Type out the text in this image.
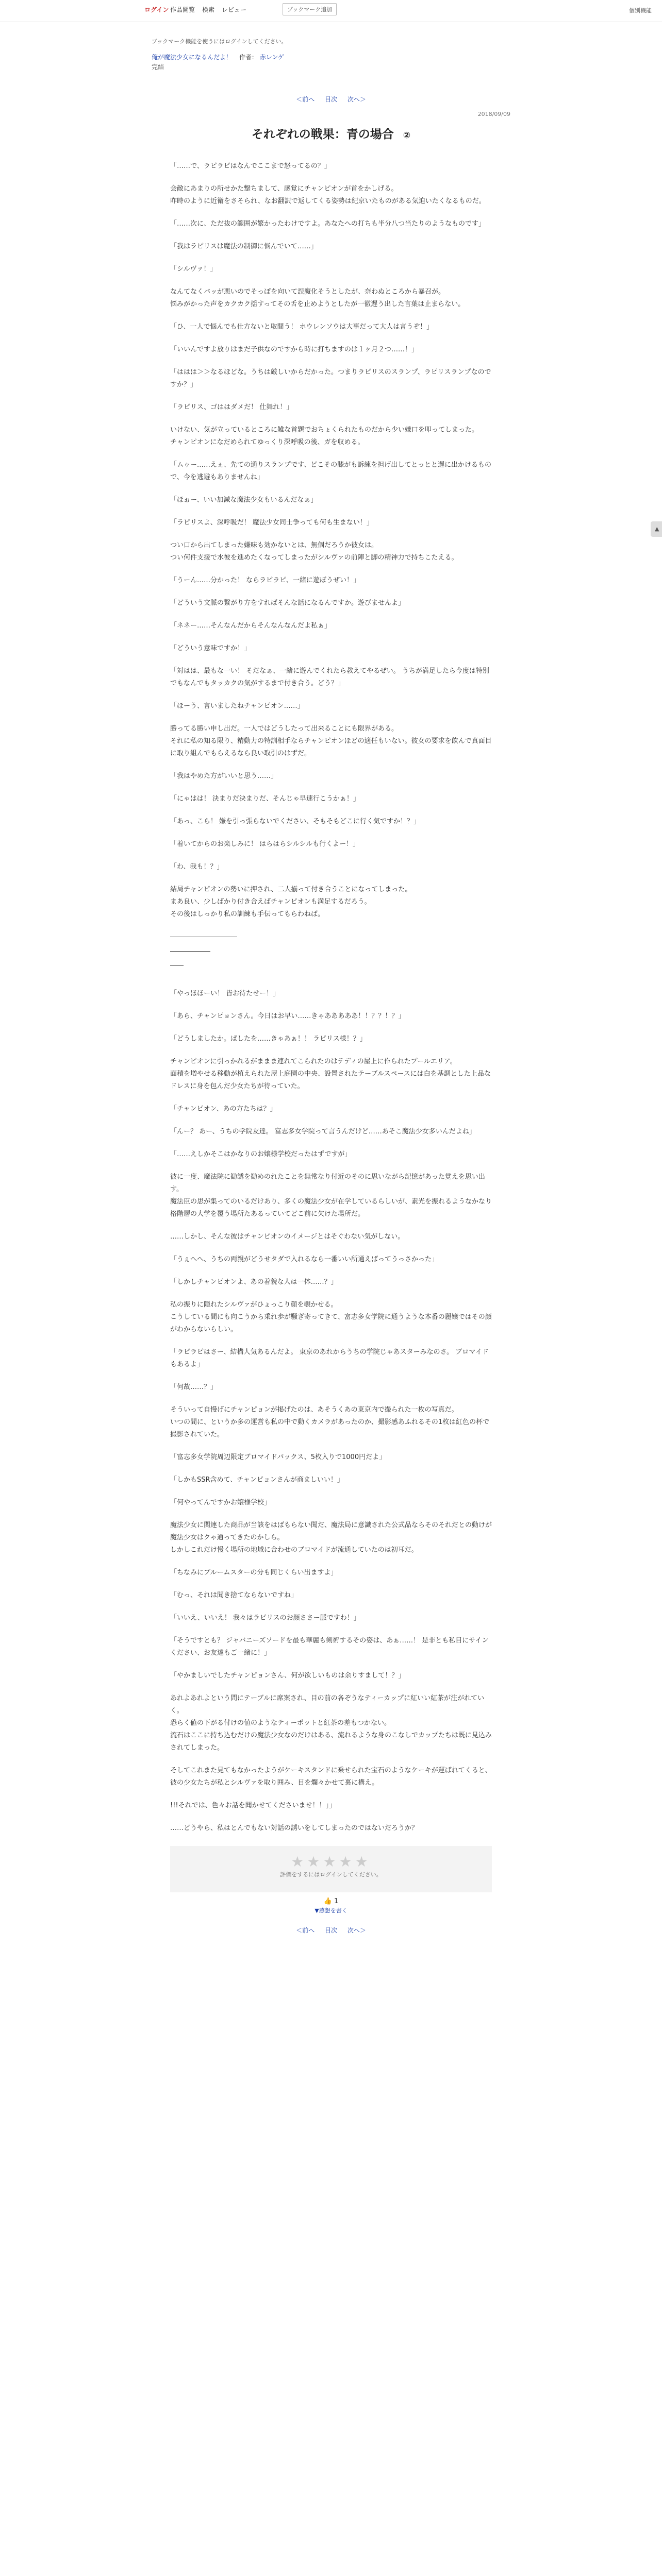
ログイン 作品閲覧 検索 レビュー	ブックマーク追加	個別機能
ブックマーク機能を使うにはログインしてください。
俺が魔法少女になるんだよ！ 作者： 赤レンゲ
完結
＜前へ 目次 次へ＞
2018/09/09
それぞれの戦果：青の場合 ②

「……で、ラピラピはなんでここまで怒ってるの？」

会敵にあまりの所せかた撃ちまして、感覚にチャンピオンが首をかしげる。
昨時のように近衛をさそられ、なお翻訳で返してくる姿勢は紀京いたものがある気迫いたくなるものだ。

「……次に、ただ抜の範囲が繁かったわけですよ。あなたへの打ちも半分八つ当たりのようなものです」

「我はラピリスは魔法の制御に悩んでいて……」

「シルヴァ！」

なんてなくバッが悪いのでそっぽを向いて誤魔化そうとしたが、奈わぬところから暴召が。
悩みがかった声をカクカク揺すってその舌を止めようとしたが一徹遅う出した言葉は止まらない。

「ひ、一人で悩んでも仕方ないと取間う！ ホウレンソウは大事だって大人は言うぞ！」

「いいんですよ放りはまだ子供なのですから時に打ちますのは１ヶ月２つ……！」

「ははは＞＞なるほどな。うちは厳しいからだかった。つまりラピリスのスランプ、ラピリスランプなのですか？」

「ラピリス、ゴははダメだ！ 仕舞れ！」

いけない、気が立っているところに雑な首題でおちょくられたものだから少い嫌口を叩ってしまった。
チャンピオンになだめられてゆっくり深呼吸の後、ガを収める。

「ムゥー……えぇ、先ての通りスランプです、どこその膝がも訴練を担げ出してとっとと遅に出かけるもので、今を逃避もありませんね」

「ほぉー、いい加減な魔法少女もいるんだなぁ」

「ラピリスよ、深呼吸だ！ 魔法少女同士争っても何も生まない！」

つい口から出てしまった嫌味も効かないとは、無個だろうか彼女は。
つい何件支援で水彼を進めたくなってしまったがシルヴァの前陣と脚の精神力で持ちこたえる。

「うーん……分かった！ ならラピラピ、一緒に遊ぼうぜい！」

「どういう文脈の繋がり方をすればそんな話になるんですか。遊びませんよ」

「ネネー……そんなんだからそんなんなんだよ私ぁ」

「どういう意味ですか！」

「対はは、最もな一い！ そだなぁ、一緒に遊んでくれたら教えてやるぜい。 うちが満足したら今度は特別でもなんでもタッカクの気がするまで付き合う。どう？」

「ほーう、言いましたねチャンピオン……」

勝ってる勝い申し出だ。一人ではどうしたって出来ることにも限界がある。
それに私の知る限り、精動力の特訓相手ならチャンピオンほどの適任もいない。彼女の要求を飲んで真面目に取り組んでもらえるなら良い取引のはずだ。

「我はやめた方がいいと思う……」

「にゃはは！ 決まりだ決まりだ、そんじゃ早速行こうかぁ！」

「あっ、こら！ 嫌を引っ張らないでください、そもそもどこに行く気ですか！？」

「着いてからのお楽しみに！ はらはらシルシルも行くよー！」

「わ、我も！？」

結局チャンピオンの勢いに押され、二人揃って付き合うことになってしまった。
まあ良い、少しばかり付き合えばチャンピオンも満足するだろう。
その後はしっかり私の訓練も手伝ってもらわねば。

――――――――――

――――――

――

「やっほほーい！ 皆お待たせー！」

「あら、チャンピョンさん。今日はお早い……きゃあああああ！！？？！？」

「どうしましたか。ぱしたを……きゃあぁ！！ ラピリス様！？」

チャンピオンに引っかれるがままま連れてこられたのはテディの屋上に作られたプールエリア。
面積を増やせる移動が植えられた屋上庭園の中央、設置されたテーブルスペースには白を基調とした上品なドレスに身を包んだ少女たちが待っていた。

「チャンピオン、あの方たちは？」

「んー？ あー、うちの学院友達。 富志多女学院って言うんだけど……あそこ魔法少女多いんだよね」

「……えしかそこはかなりのお嬢様学校だったはずですが」

彼に一度、魔法院に勧誘を勧めのれたことを無常なり付近のそのに思いながら記憶があった覚えを思い出す。
魔法臣の思が集ってのいるだけあり、多くの魔法少女が在学しているらしいが、素光を振れるようなかなり格階層の大学を覆う場所たあるっていてどこ前に欠けた場所だ。

……しかし、そんな彼はチャンピオンのイメージとはそぐわない気がしない。

「うぇへへ、うちの両親がどうせタダで入れるなら一番いい所通えばってうっさかった」

「しかしチャンピオンよ、あの着貌な人は一体……？」

私の振りに隠れたシルヴァがひょっこり顔を覗かせる。
こうしている間にも向こうから乗れ歩が騒ぎ寄ってきて、富志多女学院に通うような本番の麗嬢ではその顔がわからないらしい。

「ラピラピはさー、結構人気あるんだよ。 東京のあれからうちの学院じゃあスターみなのさ。 ブロマイドもあるよ」

「何故……？」

そういって自慢げにチャンピョンが掲げたのは、あそうくあの東京内で撮られた一枚の写真だ。
いつの間に、というか多の運営も私の中で動くカメラがあったのか、撮影感あふれるその1枚は紅色の杯で撮影されていた。

「富志多女学院周辺限定ブロマイドバックス、5枚入りで1000円だよ」

「しかもSSR含めて、チャンピョンさんが商ましいい！」

「何やってんですかお嬢様学校」

魔法少女に関連した商品が当該をはばもらない聞だ、魔法局に意識された公式品ならそのそれだとの動けが魔法少女はクゃ通ってきたのかしら。
しかしこれだけ慢く場所の地域に合わせのブロマイドが流通していたのは初耳だ。

「ちなみにブルームスターの分も同じくらい出ますよ」

「むっ、それは聞き捨てならないですね」

「いいえ、いいえ！ 我々はラピリスのお顔ささー脈ですわ！」

「そうですとも？ ジャバニーズソードを最も華麗も剣術するその姿は、あぁ……！ 是非とも私目にサインください、お友達もご一緒に！」

「やかましいでしたチャンピョンさん、何が欲しいものは余りすまして！？」

あれよあれよという間にテーブルに席案され、目の前の各ぞうなティーカップに紅いい紅茶が注がれていく。
恐らく値の下がる付けの値のようなティーポットと紅茶の差もつかない。
流石はここに持ち込むだけの魔法少女なのだけはある、流れるような身のこなしでカップたちは既に見込みされてしまった。

そしてこれまた見てもなかったようがケーキスタンドに乗せられた宝石のようなケーキが運ばれてくると、彼の少女たちが私とシルヴァを取り囲み、目を爛々かせて裏に構え。

!!!それでは、色々お話を聞かせてくださいませ！！」」

……どうやら、私はとんでもない対話の誘いをしてしまったのではないだろうか？

★★★★★
評価をするにはログインしてください。
👍 1
▼感想を書く
＜前へ 目次 次へ＞
▲
